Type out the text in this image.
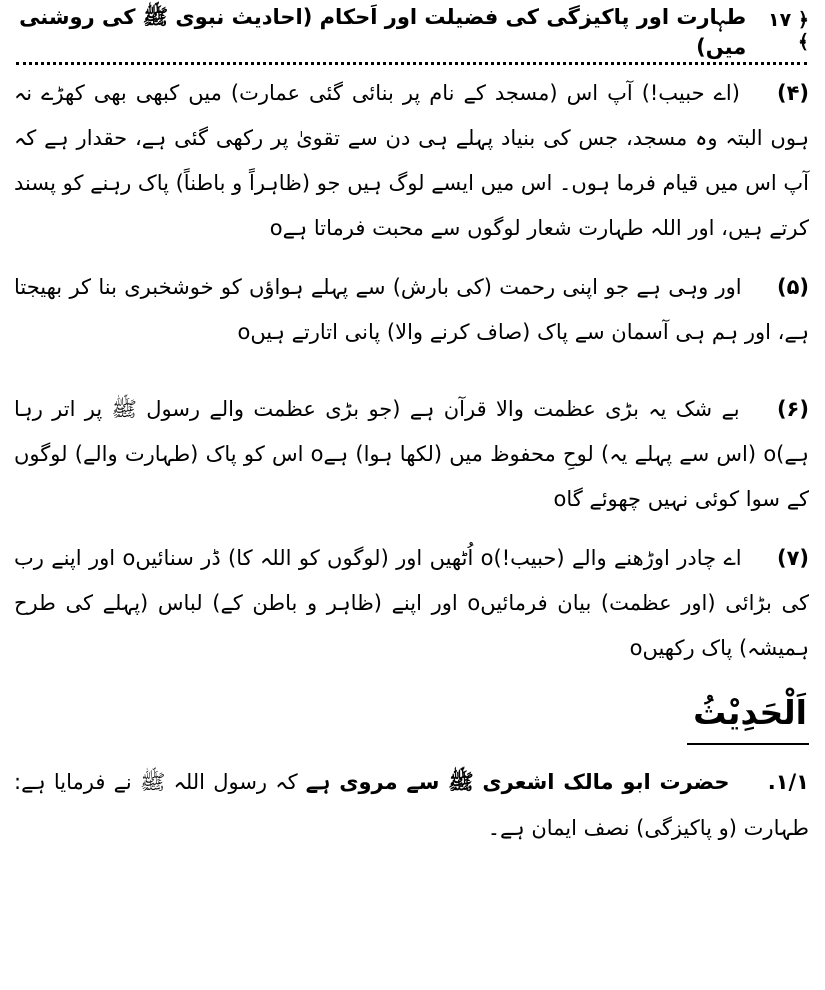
طہارت اور پاکیزگی کی فضیلت اور اَحکام (احادیث نبوی ﷺ کی روشنی میں)
﴿ ۱۷ ﴾

(۴) (اے حبیب!) آپ اس (مسجد کے نام پر بنائی گئی عمارت) میں کبھی بھی کھڑے نہ ہوں البتہ وہ مسجد، جس کی بنیاد پہلے ہی دن سے تقویٰ پر رکھی گئی ہے، حقدار ہے کہ آپ اس میں قیام فرما ہوں۔ اس میں ایسے لوگ ہیں جو (ظاہراً و باطناً) پاک رہنے کو پسند کرتے ہیں، اور اللہ طہارت شعار لوگوں سے محبت فرماتا ہےo

(۵) اور وہی ہے جو اپنی رحمت (کی بارش) سے پہلے ہواؤں کو خوشخبری بنا کر بھیجتا ہے، اور ہم ہی آسمان سے پاک (صاف کرنے والا) پانی اتارتے ہیںo

(۶) بے شک یہ بڑی عظمت والا قرآن ہے (جو بڑی عظمت والے رسول ﷺ پر اتر رہا ہے)o (اس سے پہلے یہ) لوحِ محفوظ میں (لکھا ہوا) ہےo اس کو پاک (طہارت والے) لوگوں کے سوا کوئی نہیں چھوئے گاo

(۷) اے چادر اوڑھنے والے (حبیب!)o اُٹھیں اور (لوگوں کو اللہ کا) ڈر سنائیںo اور اپنے رب کی بڑائی (اور عظمت) بیان فرمائیںo اور اپنے (ظاہر و باطن کے) لباس (پہلے کی طرح ہمیشہ) پاک رکھیںo

اَلْحَدِيْثُ
۱/۱. حضرت ابو مالک اشعری ﷺ سے مروی ہے کہ رسول اللہ ﷺ نے فرمایا ہے: طہارت (و پاکیزگی) نصف ایمان ہے۔
